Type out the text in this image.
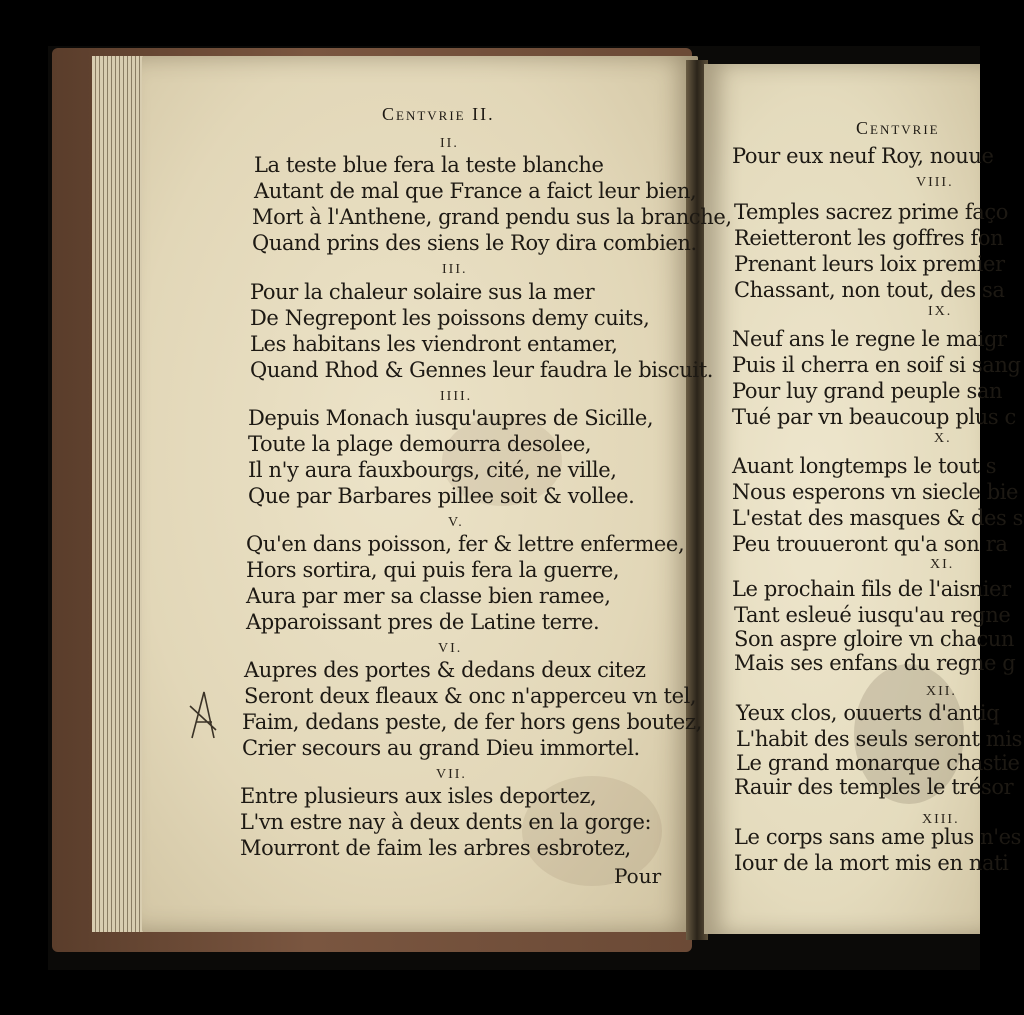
Centvrie II.
II.
La teste blue fera la teste blanche
Autant de mal que France a faict leur bien,
Mort à l'Anthene, grand pendu sus la branche,
Quand prins des siens le Roy dira combien.
III.
Pour la chaleur solaire sus la mer
De Negrepont les poissons demy cuits,
Les habitans les viendront entamer,
Quand Rhod & Gennes leur faudra le biscuit.
IIII.
Depuis Monach iusqu'aupres de Sicille,
Toute la plage demourra desolee,
Il n'y aura fauxbourgs, cité, ne ville,
Que par Barbares pillee soit & vollee.
V.
Qu'en dans poisson, fer & lettre enfermee,
Hors sortira, qui puis fera la guerre,
Aura par mer sa classe bien ramee,
Apparoissant pres de Latine terre.
VI.
Aupres des portes & dedans deux citez
Seront deux fleaux & onc n'apperceu vn tel,
Faim, dedans peste, de fer hors gens boutez,
Crier secours au grand Dieu immortel.
VII.
Entre plusieurs aux isles deportez,
L'vn estre nay à deux dents en la gorge:
Mourront de faim les arbres esbrotez,
Pour
Centvrie
Pour eux neuf Roy, nouue
VIII.
Temples sacrez prime faço
Reietteront les goffres fon
Prenant leurs loix premier
Chassant, non tout, des sa
IX.
Neuf ans le regne le maigr
Puis il cherra en soif si sang
Pour luy grand peuple san
Tué par vn beaucoup plus c
X.
Auant longtemps le tout s
Nous esperons vn siecle bie
L'estat des masques & des s
Peu trouueront qu'a son ra
XI.
Le prochain fils de l'aisnier
Tant esleué iusqu'au regne
Son aspre gloire vn chacun
Mais ses enfans du regne g
XII.
Yeux clos, ouuerts d'antiq
L'habit des seuls seront mis
Le grand monarque chastie
Rauir des temples le trésor
XIII.
Le corps sans ame plus n'es
Iour de la mort mis en nati
